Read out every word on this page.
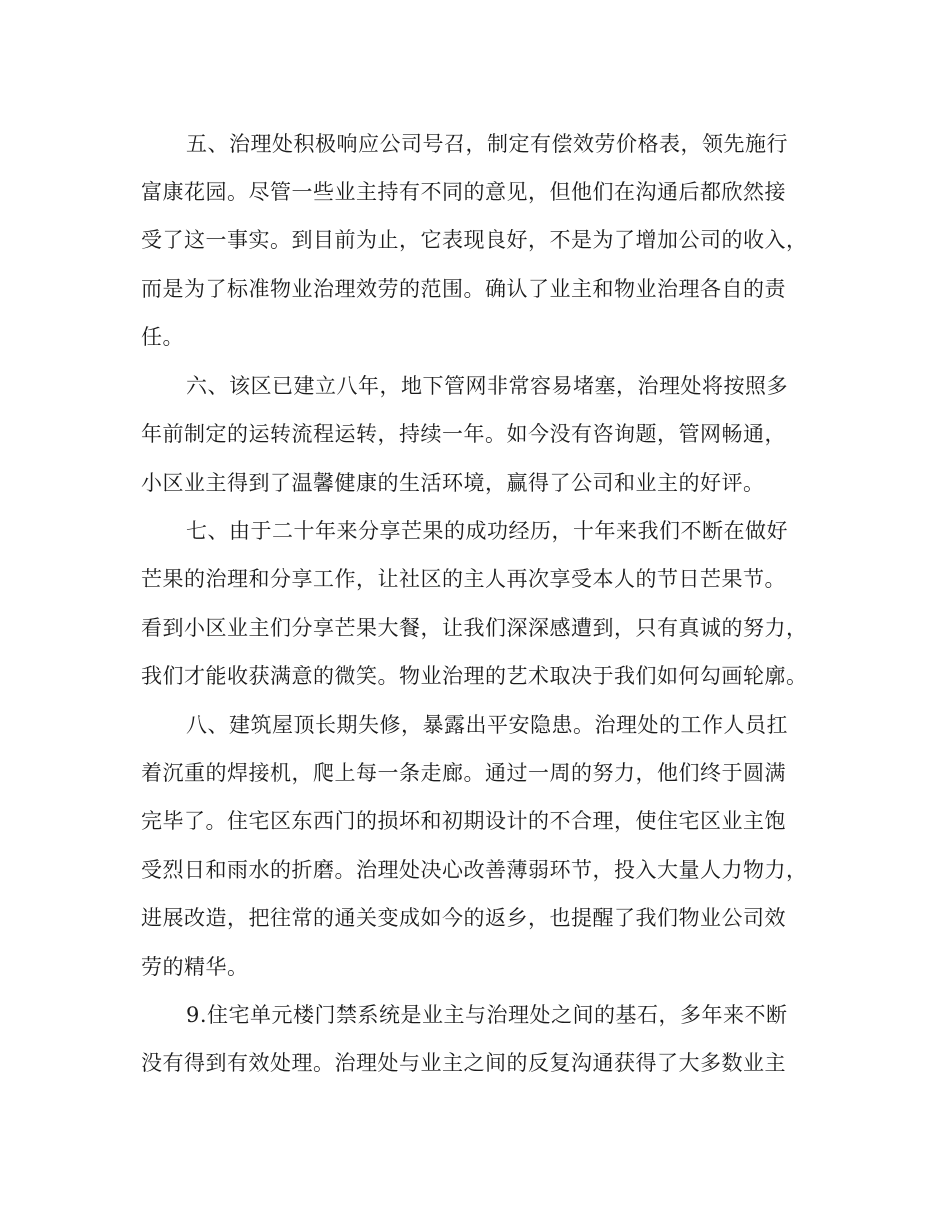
五、治理处积极响应公司号召，制定有偿效劳价格表，领先施行
富康花园。尽管一些业主持有不同的意见，但他们在沟通后都欣然接
受了这一事实。到目前为止，它表现良好，不是为了增加公司的收入，
而是为了标准物业治理效劳的范围。确认了业主和物业治理各自的责
任。
六、该区已建立八年，地下管网非常容易堵塞，治理处将按照多
年前制定的运转流程运转，持续一年。如今没有咨询题，管网畅通，
小区业主得到了温馨健康的生活环境，赢得了公司和业主的好评。
七、由于二十年来分享芒果的成功经历，十年来我们不断在做好
芒果的治理和分享工作，让社区的主人再次享受本人的节日芒果节。
看到小区业主们分享芒果大餐，让我们深深感遭到，只有真诚的努力，
我们才能收获满意的微笑。物业治理的艺术取决于我们如何勾画轮廓。
八、建筑屋顶长期失修，暴露出平安隐患。治理处的工作人员扛
着沉重的焊接机，爬上每一条走廊。通过一周的努力，他们终于圆满
完毕了。住宅区东西门的损坏和初期设计的不合理，使住宅区业主饱
受烈日和雨水的折磨。治理处决心改善薄弱环节，投入大量人力物力，
进展改造，把往常的通关变成如今的返乡，也提醒了我们物业公司效
劳的精华。
9.住宅单元楼门禁系统是业主与治理处之间的基石，多年来不断
没有得到有效处理。治理处与业主之间的反复沟通获得了大多数业主
